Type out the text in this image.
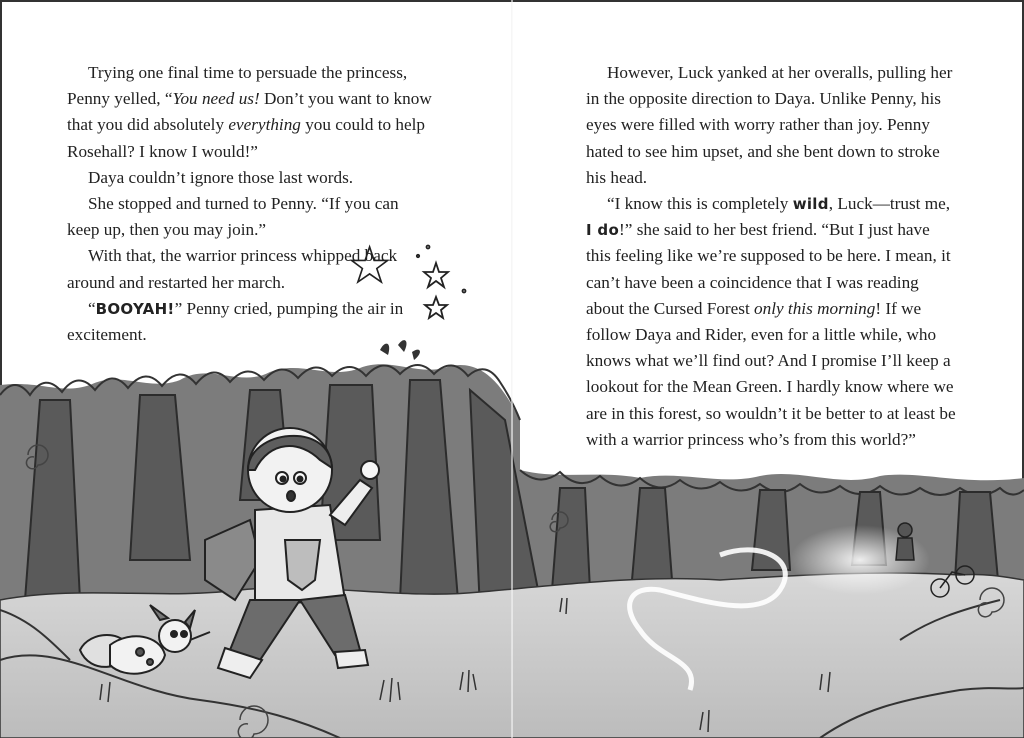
Trying one final time to persuade the princess, Penny yelled, “You need us! Don’t you want to know that you did absolutely everything you could to help Rosehall? I know I would!”

Daya couldn’t ignore those last words.

She stopped and turned to Penny. “If you can keep up, then you may join.”

With that, the warrior princess whipped back around and restarted her march.

“BOOYAH!” Penny cried, pumping the air in excitement.

However, Luck yanked at her overalls, pulling her in the opposite direction to Daya. Unlike Penny, his eyes were filled with worry rather than joy. Penny hated to see him upset, and she bent down to stroke his head.

“I know this is completely wild, Luck—trust me, I do!” she said to her best friend. “But I just have this feeling like we’re supposed to be here. I mean, it can’t have been a coincidence that I was reading about the Cursed Forest only this morning! If we follow Daya and Rider, even for a little while, who knows what we’ll find out? And I promise I’ll keep a lookout for the Mean Green. I hardly know where we are in this forest, so wouldn’t it be better to at least be with a warrior princess who’s from this world?”
